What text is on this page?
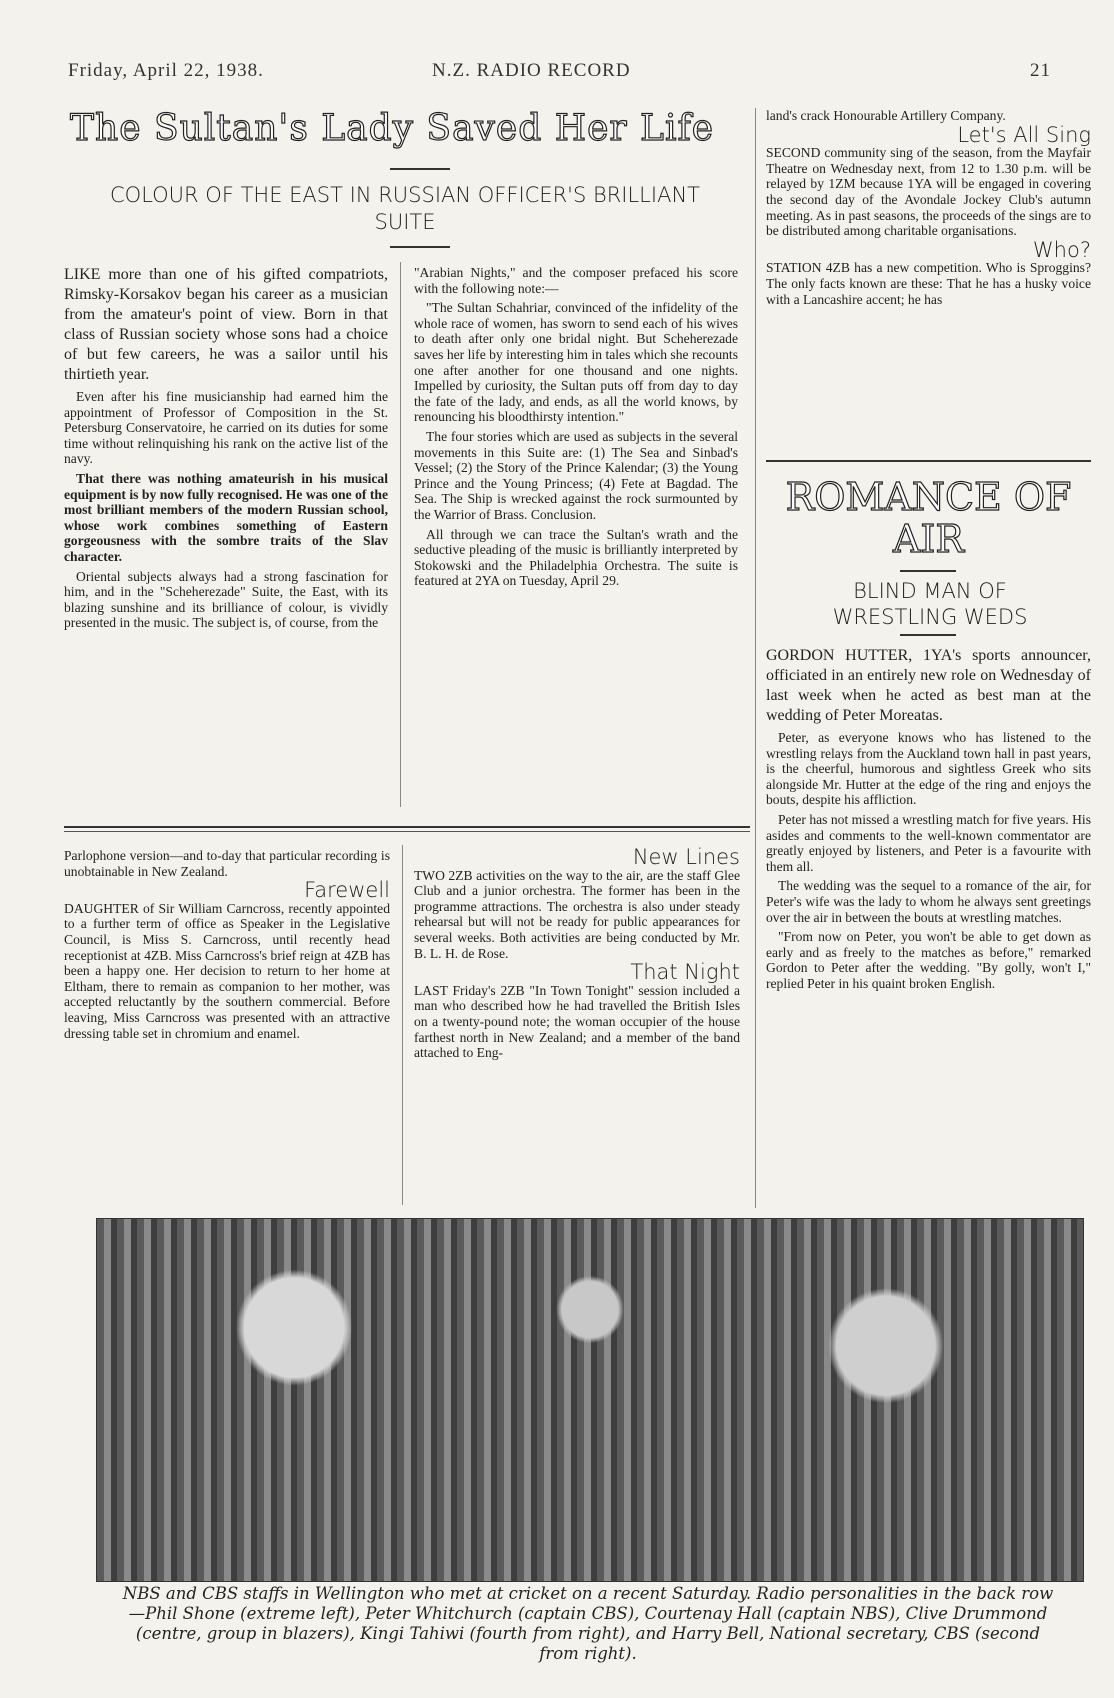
Friday, April 22, 1938.	N.Z. RADIO RECORD	21
The Sultan's Lady Saved Her Life
COLOUR OF THE EAST IN RUSSIAN OFFICER'S BRILLIANT SUITE

LIKE more than one of his gifted compatriots, Rimsky-Korsakov began his career as a musician from the amateur's point of view. Born in that class of Russian society whose sons had a choice of but few careers, he was a sailor until his thirtieth year.

Even after his fine musicianship had earned him the appointment of Professor of Composition in the St. Petersburg Conservatoire, he carried on its duties for some time without relinquishing his rank on the active list of the navy.

That there was nothing amateurish in his musical equipment is by now fully recognised. He was one of the most brilliant members of the modern Russian school, whose work combines something of Eastern gorgeousness with the sombre traits of the Slav character.

Oriental subjects always had a strong fascination for him, and in the "Scheherezade" Suite, the East, with its blazing sunshine and its brilliance of colour, is vividly presented in the music. The subject is, of course, from the

"Arabian Nights," and the composer prefaced his score with the following note:—

"The Sultan Schahriar, convinced of the infidelity of the whole race of women, has sworn to send each of his wives to death after only one bridal night. But Scheherezade saves her life by interesting him in tales which she recounts one after another for one thousand and one nights. Impelled by curiosity, the Sultan puts off from day to day the fate of the lady, and ends, as all the world knows, by renouncing his bloodthirsty intention."

The four stories which are used as subjects in the several movements in this Suite are: (1) The Sea and Sinbad's Vessel; (2) the Story of the Prince Kalendar; (3) the Young Prince and the Young Princess; (4) Fete at Bagdad. The Sea. The Ship is wrecked against the rock surmounted by the Warrior of Brass. Conclusion.

All through we can trace the Sultan's wrath and the seductive pleading of the music is brilliantly interpreted by Stokowski and the Philadelphia Orchestra. The suite is featured at 2YA on Tuesday, April 29.

land's crack Honourable Artillery Company.

Let's All Sing

SECOND community sing of the season, from the Mayfair Theatre on Wednesday next, from 12 to 1.30 p.m. will be relayed by 1ZM because 1YA will be engaged in covering the second day of the Avondale Jockey Club's autumn meeting. As in past seasons, the proceeds of the sings are to be distributed among charitable organisations.

Who?

STATION 4ZB has a new competition. Who is Sproggins? The only facts known are these: That he has a husky voice with a Lancashire accent; he has

ROMANCE OF AIR
BLIND MAN OF WRESTLING WEDS

GORDON HUTTER, 1YA's sports announcer, officiated in an entirely new role on Wednesday of last week when he acted as best man at the wedding of Peter Moreatas.

Peter, as everyone knows who has listened to the wrestling relays from the Auckland town hall in past years, is the cheerful, humorous and sightless Greek who sits alongside Mr. Hutter at the edge of the ring and enjoys the bouts, despite his affliction.

Peter has not missed a wrestling match for five years. His asides and comments to the well-known commentator are greatly enjoyed by listeners, and Peter is a favourite with them all.

The wedding was the sequel to a romance of the air, for Peter's wife was the lady to whom he always sent greetings over the air in between the bouts at wrestling matches.

"From now on Peter, you won't be able to get down as early and as freely to the matches as before," remarked Gordon to Peter after the wedding. "By golly, won't I," replied Peter in his quaint broken English.

Parlophone version—and to-day that particular recording is unobtainable in New Zealand.

Farewell

DAUGHTER of Sir William Carncross, recently appointed to a further term of office as Speaker in the Legislative Council, is Miss S. Carncross, until recently head receptionist at 4ZB. Miss Carncross's brief reign at 4ZB has been a happy one. Her decision to return to her home at Eltham, there to remain as companion to her mother, was accepted reluctantly by the southern commercial. Before leaving, Miss Carncross was presented with an attractive dressing table set in chromium and enamel.

New Lines

TWO 2ZB activities on the way to the air, are the staff Glee Club and a junior orchestra. The former has been in the programme attractions. The orchestra is also under steady rehearsal but will not be ready for public appearances for several weeks. Both activities are being conducted by Mr. B. L. H. de Rose.

That Night

LAST Friday's 2ZB "In Town Tonight" session included a man who described how he had travelled the British Isles on a twenty-pound note; the woman occupier of the house farthest north in New Zealand; and a member of the band attached to Eng-

NBS and CBS staffs in Wellington who met at cricket on a recent Saturday. Radio personalities in the back row—Phil Shone (extreme left), Peter Whitchurch (captain CBS), Courtenay Hall (captain NBS), Clive Drummond (centre, group in blazers), Kingi Tahiwi (fourth from right), and Harry Bell, National secretary, CBS (second from right).
